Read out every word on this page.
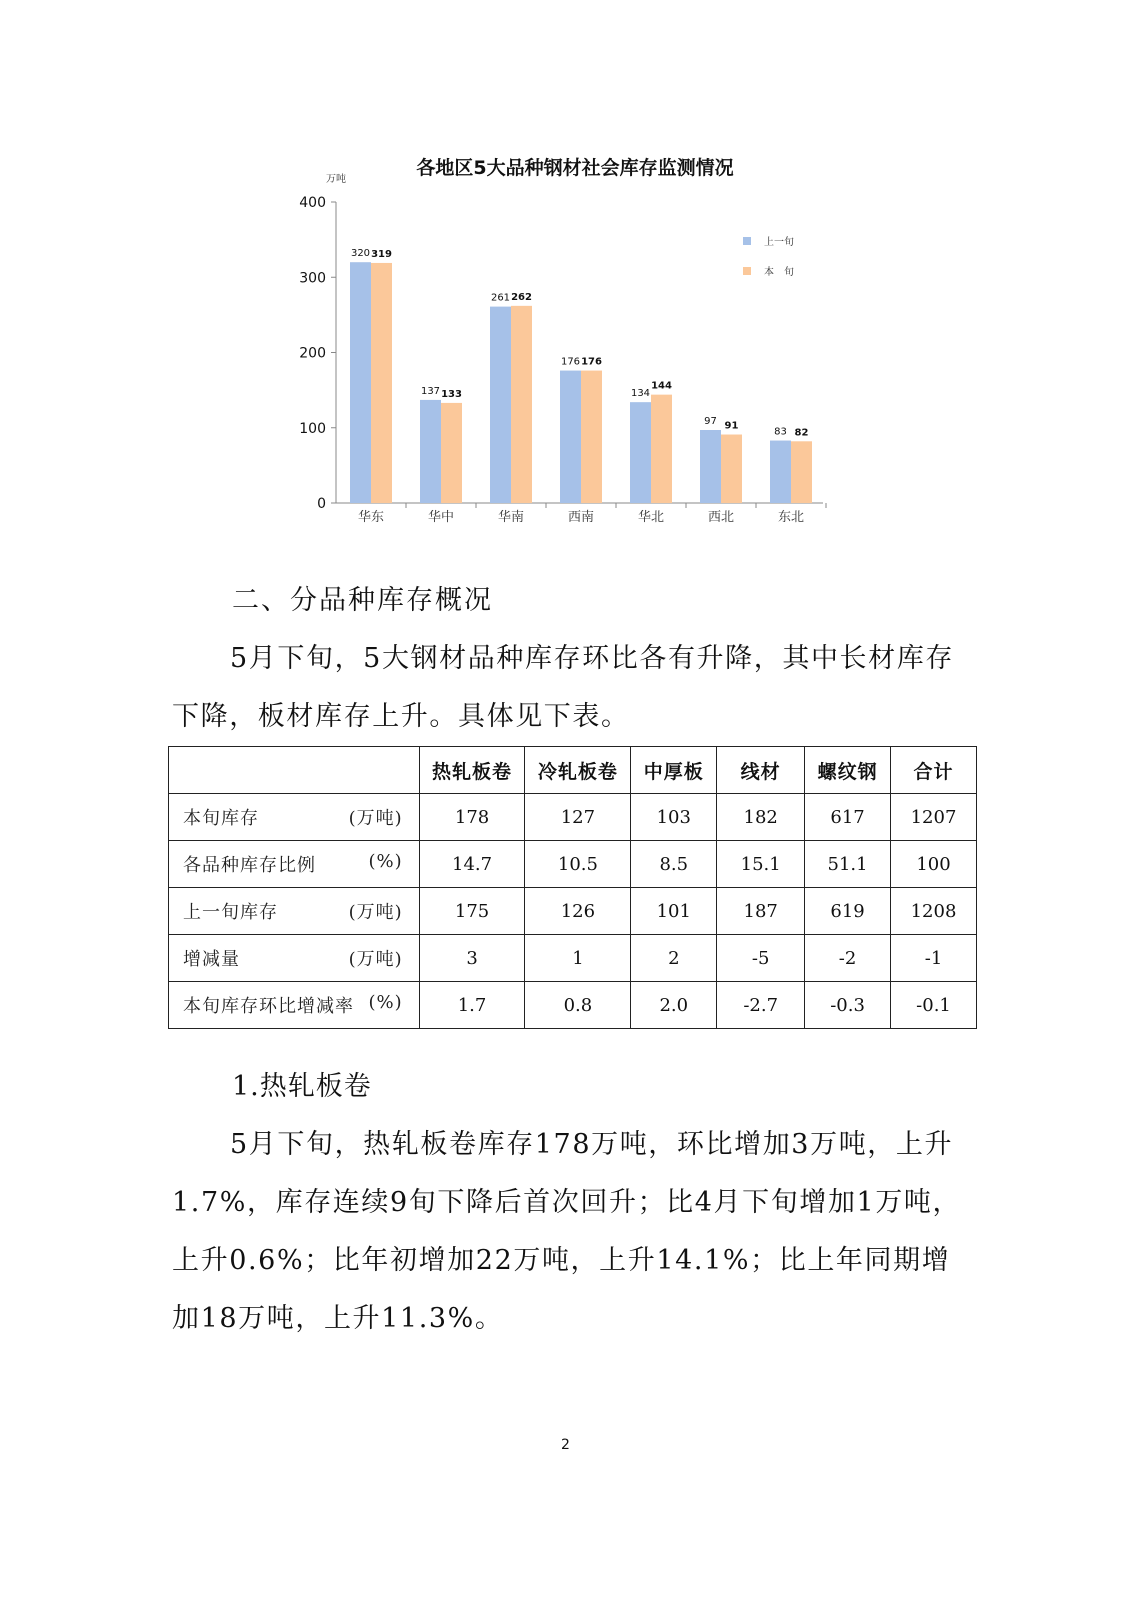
各地区5大品种钢材社会库存监测情况
万吨
0
100
200
300
400
华东
320 319
华中
137 133
华南
261 262
西南
176 176
华北
134
144
西北
97 91
东北
83 82
上一旬
本　旬
二、分品种库存概况

5月下旬，5大钢材品种库存环比各有升降，其中长材库存下降，板材库存上升。具体见下表。

	热轧板卷	冷轧板卷	中厚板	线材	螺纹钢	合计
本旬库存 (万吨)	178	127	103	182	617	1207
各品种库存比例 (%)	14.7	10.5	8.5	15.1	51.1	100
上一旬库存 (万吨)	175	126	101	187	619	1208
增减量 (万吨)	3	1	2	-5	-2	-1
本旬库存环比增减率 (%)	1.7	0.8	2.0	-2.7	-0.3	-0.1
1.热轧板卷

5月下旬，热轧板卷库存178万吨，环比增加3万吨，上升1.7%，库存连续9旬下降后首次回升；比4月下旬增加1万吨，上升0.6%；比年初增加22万吨，上升14.1%；比上年同期增加18万吨，上升11.3%。

2
